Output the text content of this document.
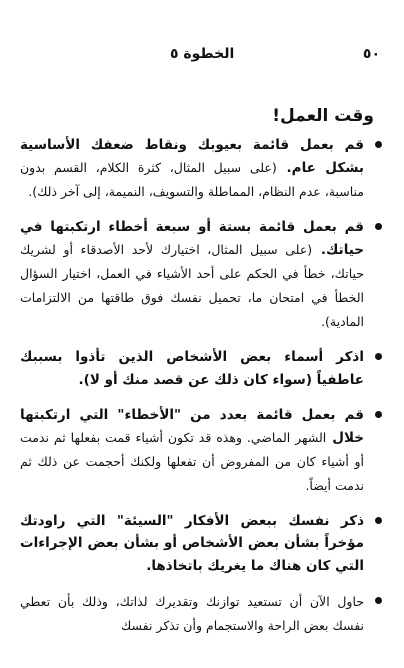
٥٠
الخطوة ٥
وقت العمل!
قم بعمل قائمة بعيوبك ونقاط ضعفك الأساسية بشكل عام. (على سبيل المثال، كثرة الكلام، القسم بدون مناسبة، عدم النظام، المماطلة والتسويف، النميمة، إلى آخر ذلك).
قم بعمل قائمة بستة أو سبعة أخطاء ارتكبتها في حياتك. (على سبيل المثال، اختيارك لأحد الأصدقاء أو لشريك حياتك، خطأ في الحكم على أحد الأشياء في العمل، اختيار السؤال الخطأ في امتحان ما، تحميل نفسك فوق طاقتها من الالتزامات المادية).
اذكر أسماء بعض الأشخاص الذين تأذوا بسببك عاطفياً (سواء كان ذلك عن قصد منك أو لا).
قم بعمل قائمة بعدد من "الأخطاء" التي ارتكبتها خلال الشهر الماضي. وهذه قد تكون أشياء قمت بفعلها ثم ندمت أو أشياء كان من المفروض أن تفعلها ولكنك أحجمت عن ذلك ثم ندمت أيضاً.
ذكر نفسك ببعض الأفكار "السيئة" التي راودتك مؤخراً بشأن بعض الأشخاص أو بشأن بعض الإجراءات التي كان هناك ما يغريك باتخاذها.
حاول الآن أن تستعيد توازنك وتقديرك لذاتك، وذلك بأن تعطي نفسك بعض الراحة والاستجمام وأن تذكر نفسك
